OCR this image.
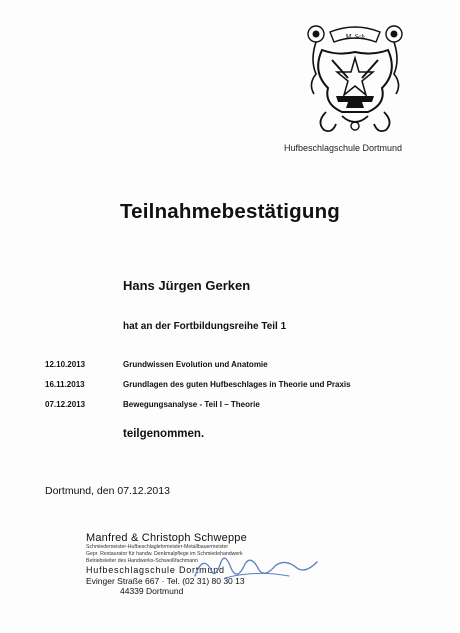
M. Sch
Hufbeschlagschule Dortmund
Teilnahmebestätigung
Hans Jürgen Gerken
hat an der Fortbildungsreihe Teil 1
12.10.2013	Grundwissen Evolution und Anatomie
16.11.2013	Grundlagen des guten Hufbeschlages in Theorie und Praxis
07.12.2013	Bewegungsanalyse - Teil I – Theorie
teilgenommen.
Dortmund, den 07.12.2013
Manfred & Christoph Schweppe
Schmiedemeister-Hufbeschlaglehrmeister-Metallbauermeister
Gepr. Restaurator für handw. Denkmalpflege im Schmiedehandwerk
Betriebsleiter des Handwerks-Schweißfachmann
Hufbeschlagschule Dortmund
Evinger Straße 667 · Tel. (02 31) 80 30 13
44339 Dortmund
